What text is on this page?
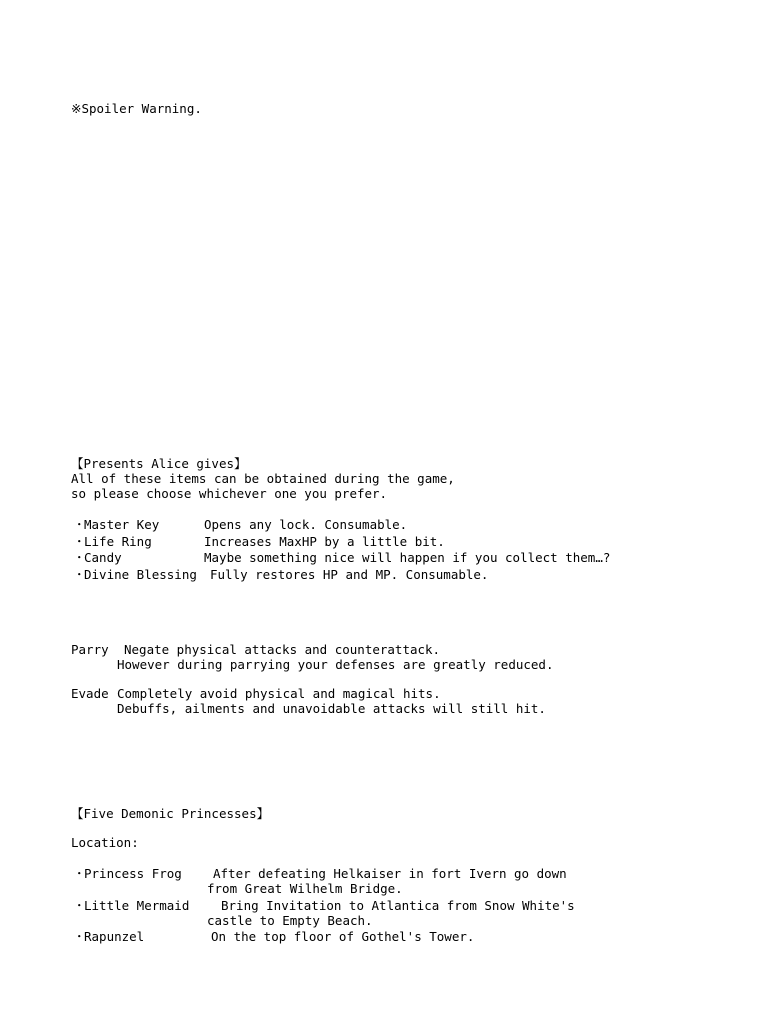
※Spoiler Warning.
【Presents Alice gives】
All of these items can be obtained during the game,
so please choose whichever one you prefer.
・
Master Key	Opens any lock. Consumable.
・
Life Ring	Increases MaxHP by a little bit.
・
Candy	Maybe something nice will happen if you collect them…?
・
Divine Blessing Fully restores HP and MP. Consumable.
Parry Negate physical attacks and counterattack.
However during parrying your defenses are greatly reduced.
Evade Completely avoid physical and magical hits.
Debuffs, ailments and unavoidable attacks will still hit.
【Five Demonic Princesses】
Location:
・
Princess Frog After defeating Helkaiser in fort Ivern go down
from Great Wilhelm Bridge.
・
Little Mermaid	Bring Invitation to Atlantica from Snow White's
castle to Empty Beach.
・
Rapunzel	On the top floor of Gothel's Tower.
